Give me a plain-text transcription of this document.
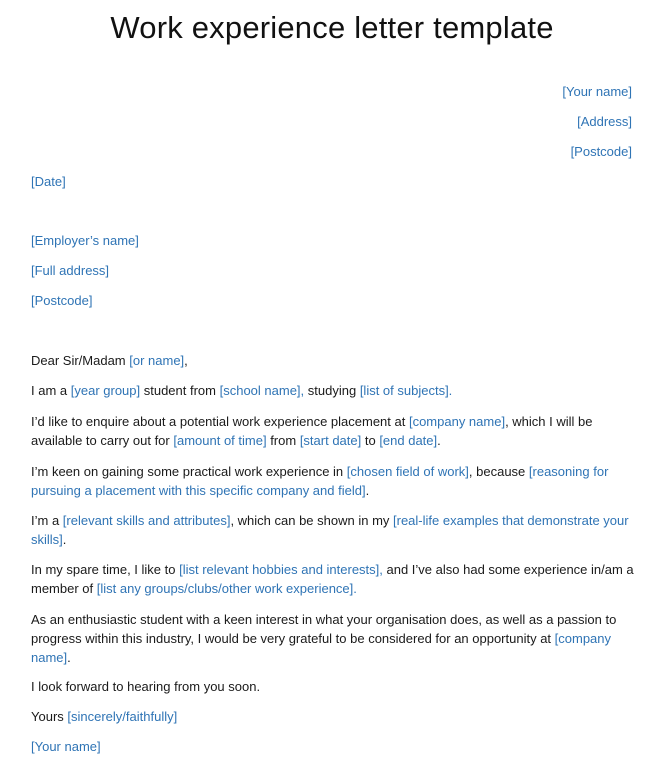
Work experience letter template
[Your name]
[Address]
[Postcode]
[Date]
[Employer’s name]
[Full address]
[Postcode]
Dear Sir/Madam [or name],
I am a [year group] student from [school name], studying [list of subjects].
I’d like to enquire about a potential work experience placement at [company name], which I will be available to carry out for [amount of time] from [start date] to [end date].
I’m keen on gaining some practical work experience in [chosen field of work], because [reasoning for pursuing a placement with this specific company and field].
I’m a [relevant skills and attributes], which can be shown in my [real-life examples that demonstrate your skills].
In my spare time, I like to [list relevant hobbies and interests], and I’ve also had some experience in/am a member of [list any groups/clubs/other work experience].
As an enthusiastic student with a keen interest in what your organisation does, as well as a passion to progress within this industry, I would be very grateful to be considered for an opportunity at [company name].
I look forward to hearing from you soon.
Yours [sincerely/faithfully]
[Your name]
